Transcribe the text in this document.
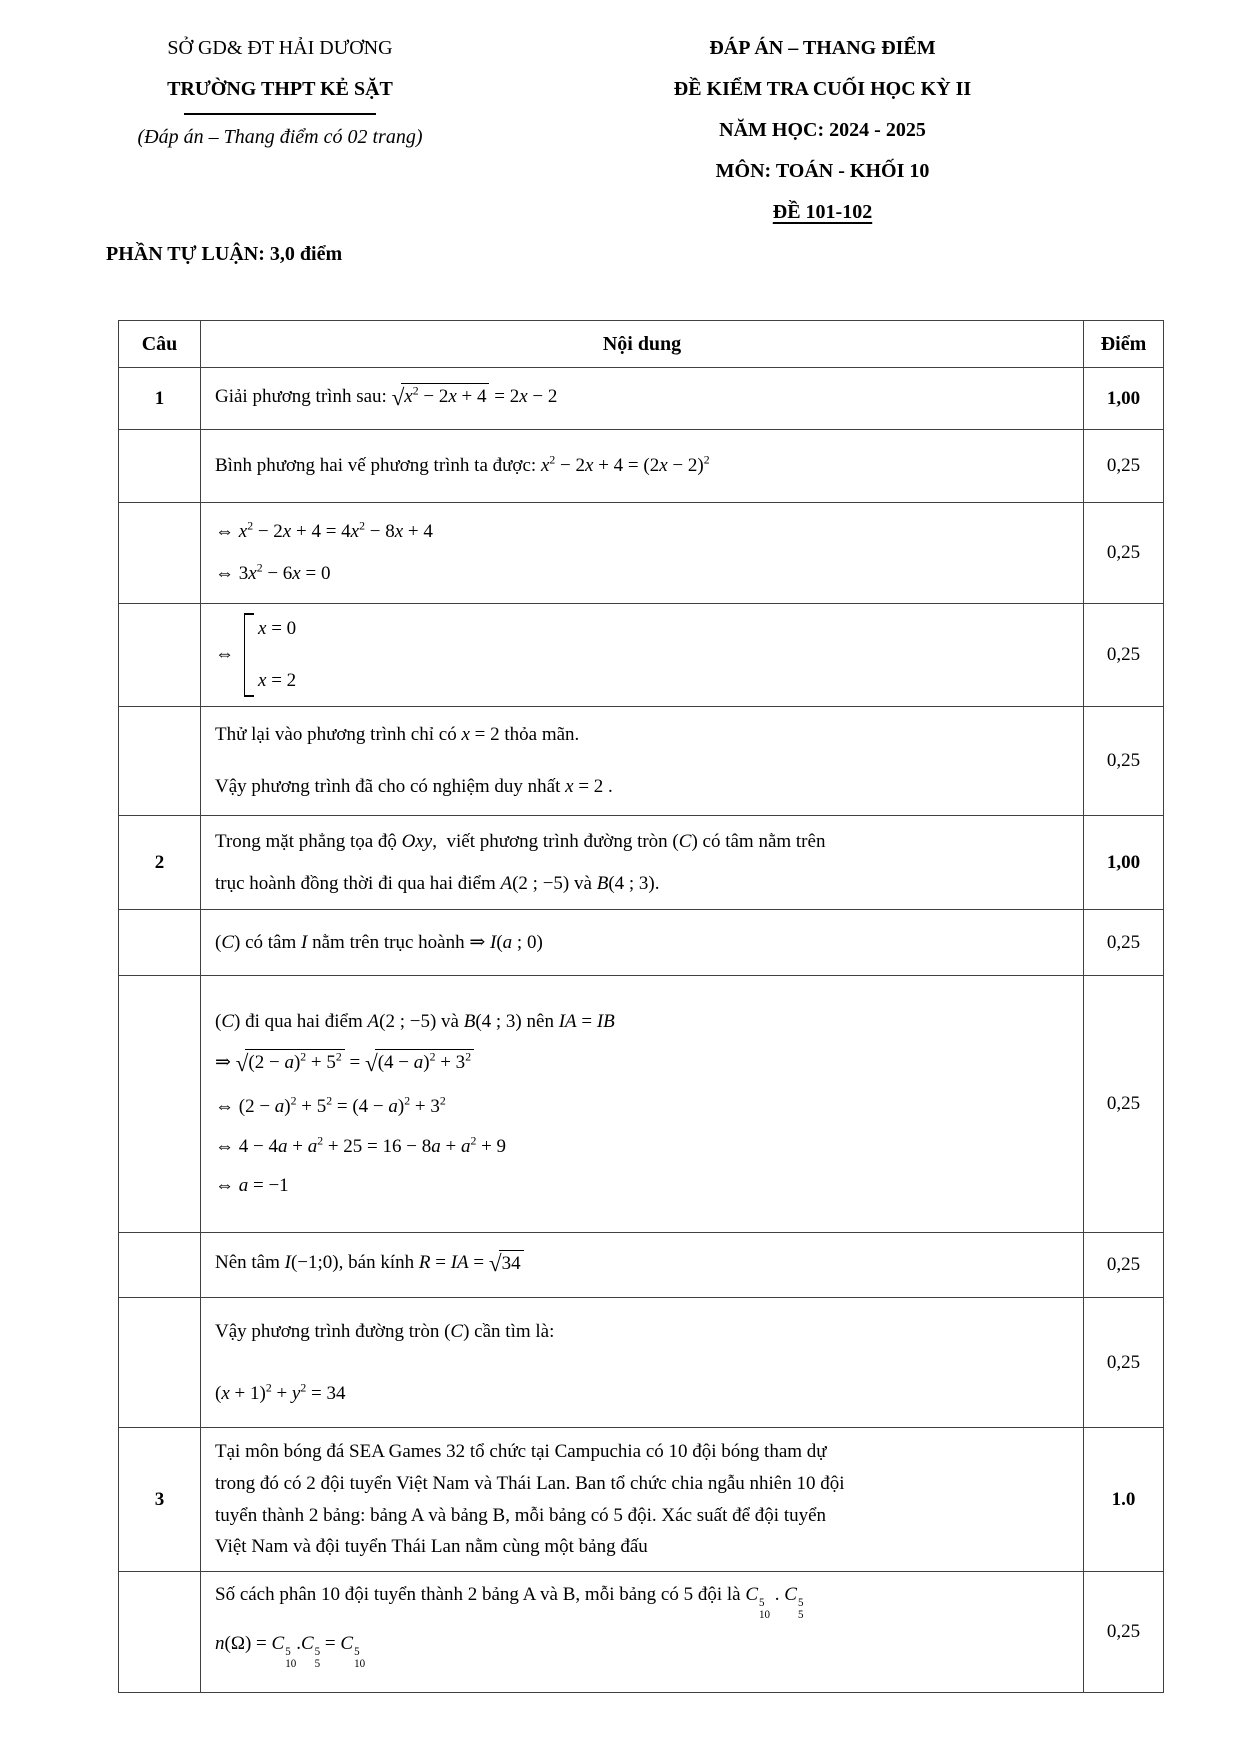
SỞ GD& ĐT HẢI DƯƠNG
TRƯỜNG THPT KẺ SẶT
(Đáp án – Thang điểm có 02 trang)
ĐÁP ÁN – THANG ĐIỂM
ĐỀ KIỂM TRA CUỐI HỌC KỲ II
NĂM HỌC: 2024 - 2025
MÔN: TOÁN - KHỐI 10
ĐỀ 101-102
PHẦN TỰ LUẬN: 3,0 điểm
Câu	Nội dung	Điểm
1	Giải phương trình sau: $√x^2 - 2x + 4 = 2x - 2$	1,00

	Bình phương hai vế phương trình ta được: $x^2 - 2x + 4 = (2x - 2)^2$	0,25

	⇔ $x^2 - 2x + 4 = 4x^2 - 8x + 4$
⇔ $3x^2 - 6x = 0$	0,25

	⇔
x = 0
x = 2	0,25

	Thử lại vào phương trình chỉ có x = 2 thỏa mãn.
Vậy phương trình đã cho có nghiệm duy nhất x = 2 .	0,25
2	Trong mặt phẳng tọa độ Oxy,  viết phương trình đường tròn (C) có tâm nằm trên
trục hoành đồng thời đi qua hai điểm A(2 ; −5) và B(4 ; 3).	1,00

	(C) có tâm I nằm trên trục hoành ⇒ I(a ; 0)	0,25

	(C) đi qua hai điểm A(2 ; −5) và B(4 ; 3) nên IA = IB
⇒ $√(2 - a)^2 + 5^2 = √(4 - a)^2 + 3^2$
⇔ $(2 - a)^2 + 5^2 = (4 - a)^2 + 3^2$
⇔ $4 - 4a + a^2 + 25 = 16 - 8a + a^2 + 9$
⇔ a = −1	0,25

	Nên tâm I(−1;0), bán kính R = IA = √34	0,25

	Vậy phương trình đường tròn (C) cần tìm là:
$(x + 1)^2 + y^2 = 34$	0,25
3	Tại môn bóng đá SEA Games 32 tổ chức tại Campuchia có 10 đội bóng tham dự
trong đó có 2 đội tuyển Việt Nam và Thái Lan. Ban tổ chức chia ngẫu nhiên 10 đội
tuyển thành 2 bảng: bảng A và bảng B, mỗi bảng có 5 đội. Xác suất để đội tuyển
Việt Nam và đội tuyển Thái Lan nằm cùng một bảng đấu	1.0

Số cách phân 10 đội tuyển thành 2 bảng A và B, mỗi bảng có 5 đội là C 5
10
. C 5
5
n(Ω) = C 5
10
.C 5
5
= C 5
10
	0,25
